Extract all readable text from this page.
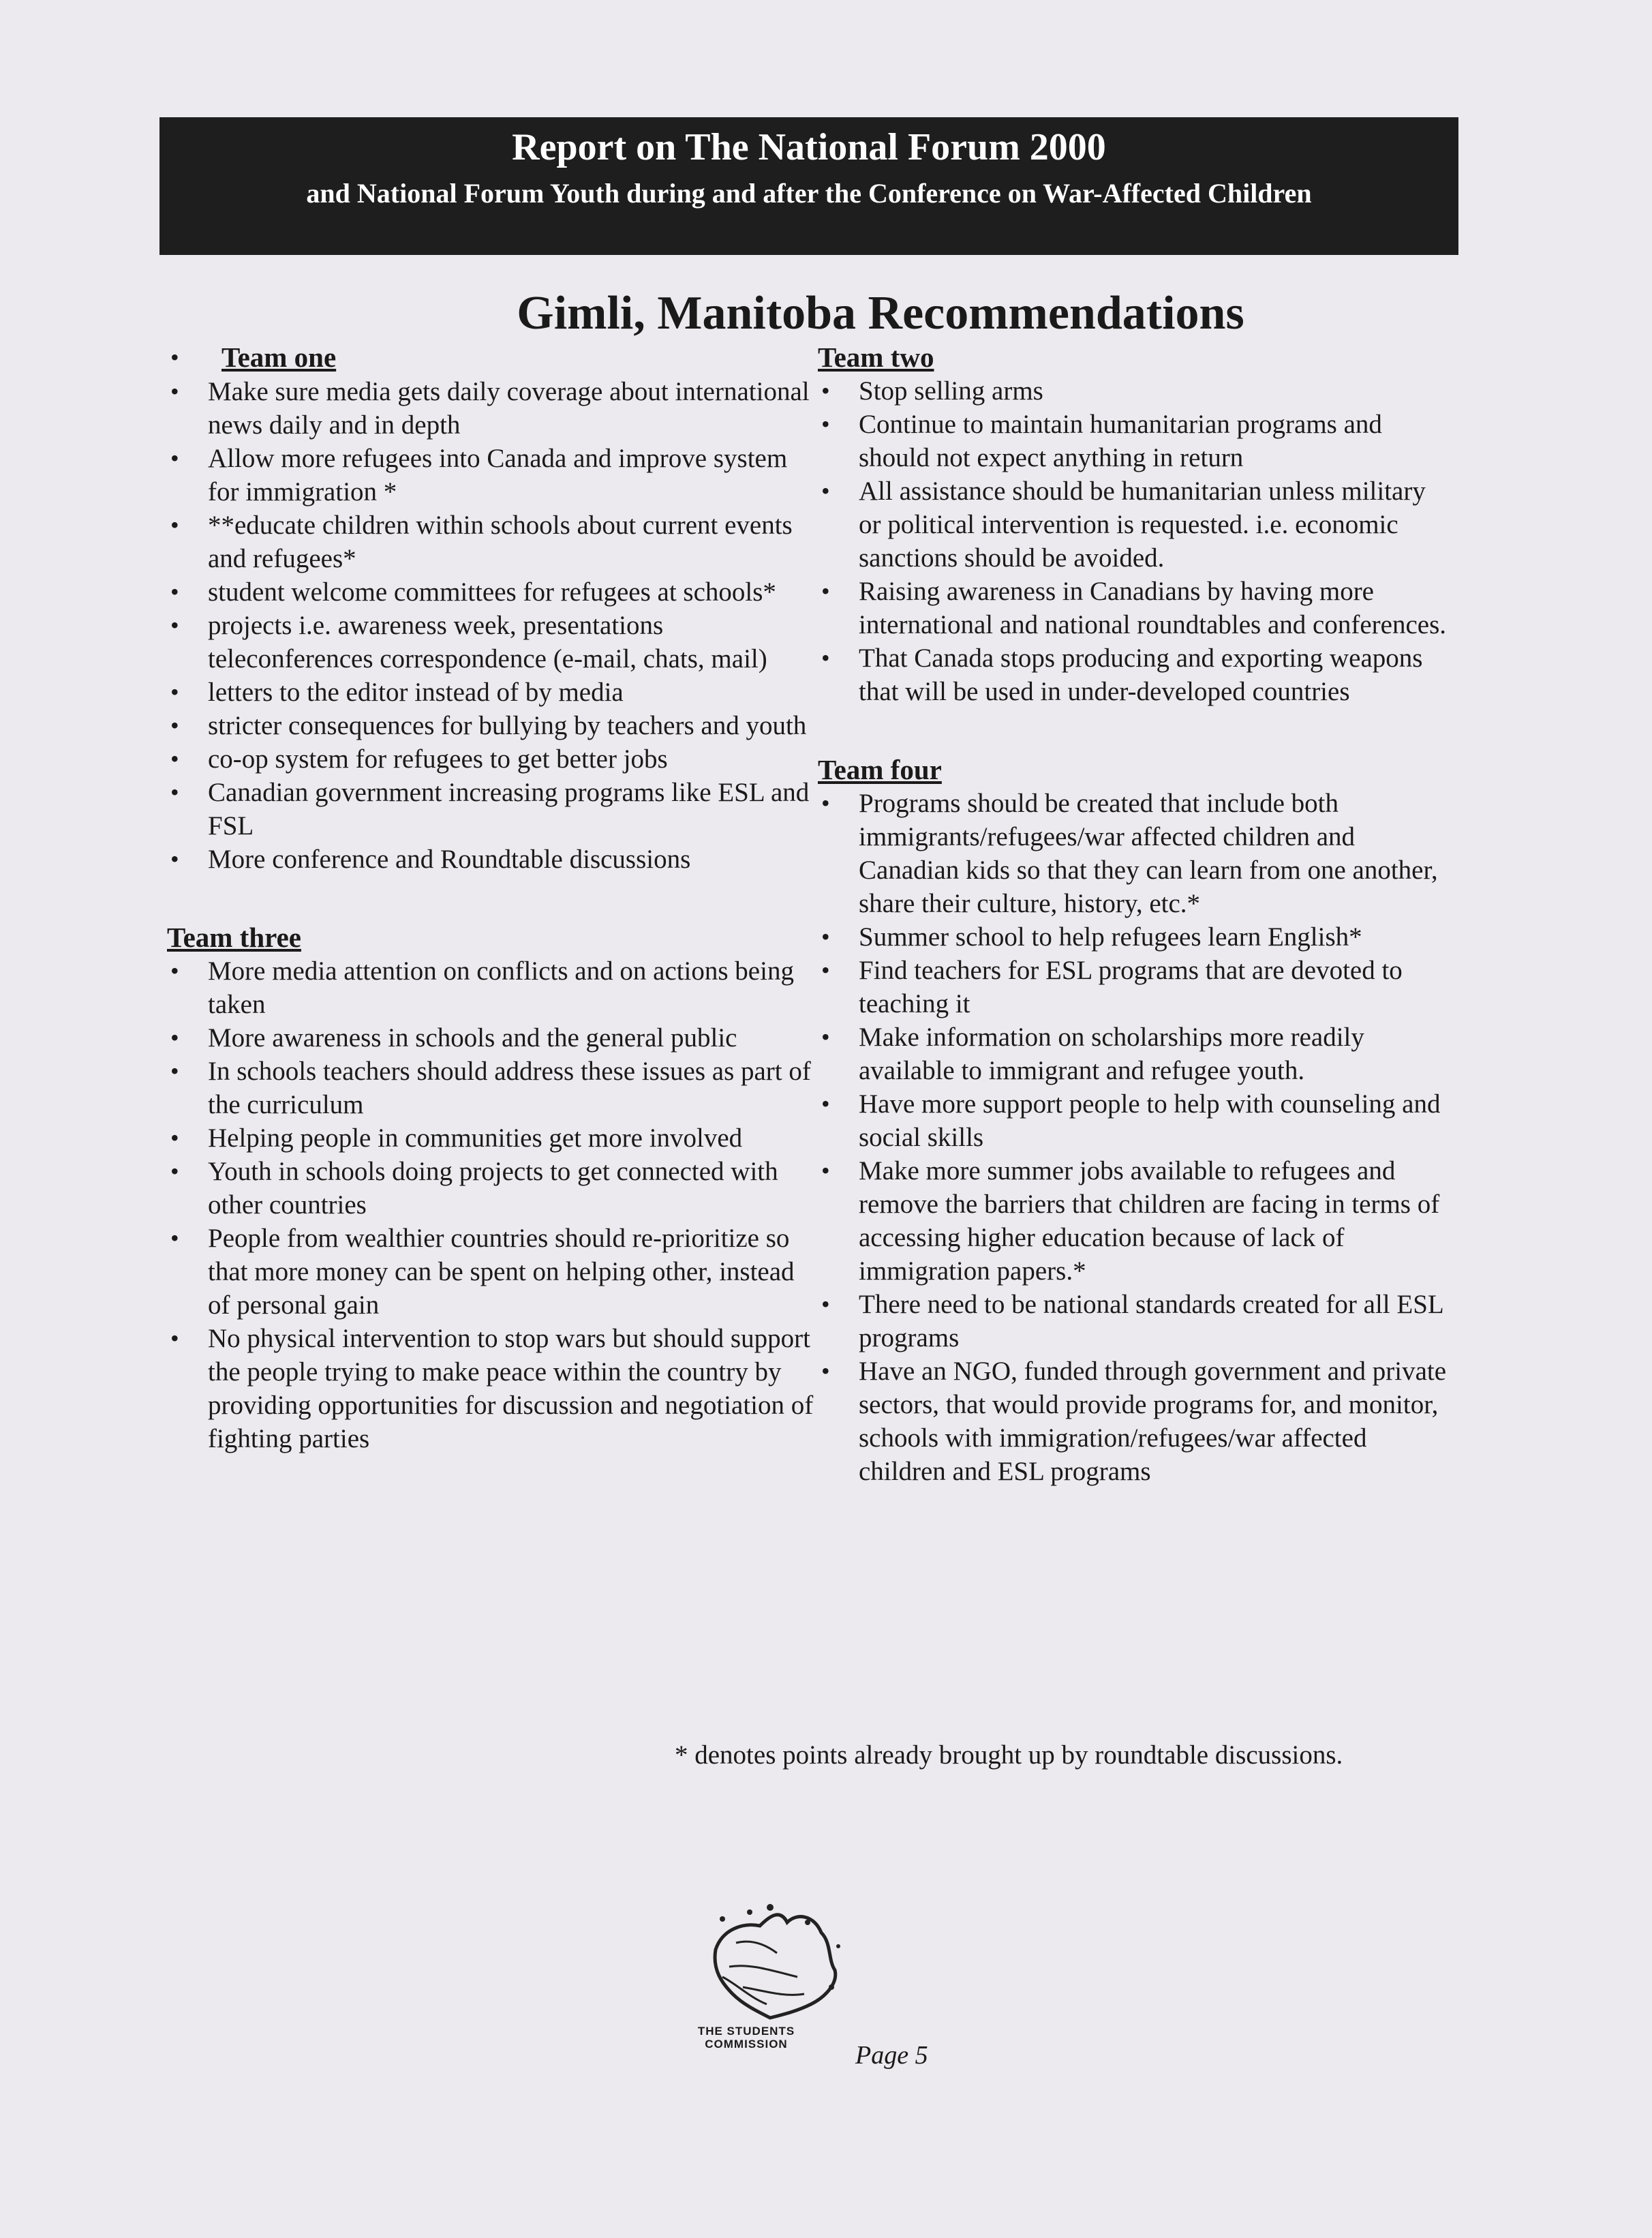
Report on The National Forum 2000
and National Forum Youth during and after the Conference on War-Affected Children
Gimli, Manitoba Recommendations
• Team one
• Make sure media gets daily coverage about international news daily and in depth
• Allow more refugees into Canada and improve system for immigration *
• **educate children within schools about current events and refugees*
• student welcome committees for refugees at schools*
• projects i.e. awareness week, presentations teleconferences correspondence (e-mail, chats, mail)
• letters to the editor instead of by media
• stricter consequences for bullying by teachers and youth
• co-op system for refugees to get better jobs
• Canadian government increasing programs like ESL and FSL
• More conference and Roundtable discussions
Team three
• More media attention on conflicts and on actions being taken
• More awareness in schools and the general public
• In schools teachers should address these issues as part of the curriculum
• Helping people in communities get more involved
• Youth in schools doing projects to get connected with other countries
• People from wealthier countries should re-prioritize so that more money can be spent on helping other, instead of personal gain
• No physical intervention to stop wars but should support the people trying to make peace within the country by providing opportunities for discussion and negotiation of fighting parties
Team two
• Stop selling arms
• Continue to maintain humanitarian programs and should not expect anything in return
• All assistance should be humanitarian unless military or political intervention is requested. i.e. economic sanctions should be avoided.
• Raising awareness in Canadians by having more international and national roundtables and conferences.
• That Canada stops producing and exporting weapons that will be used in under-developed countries
Team four
• Programs should be created that include both immigrants/refugees/war affected children and Canadian kids so that they can learn from one another, share their culture, history, etc.*
• Summer school to help refugees learn English*
• Find teachers for ESL programs that are devoted to teaching it
• Make information on scholarships more readily available to immigrant and refugee youth.
• Have more support people to help with counseling and social skills
• Make more summer jobs available to refugees and remove the barriers that children are facing in terms of accessing higher education because of lack of immigration papers.*
• There need to be national standards created for all ESL programs
• Have an NGO, funded through government and private sectors, that would provide programs for, and monitor, schools with immigration/refugees/war affected children and ESL programs
* denotes points already brought up by roundtable discussions.
THE STUDENTS COMMISSION	Page 5
